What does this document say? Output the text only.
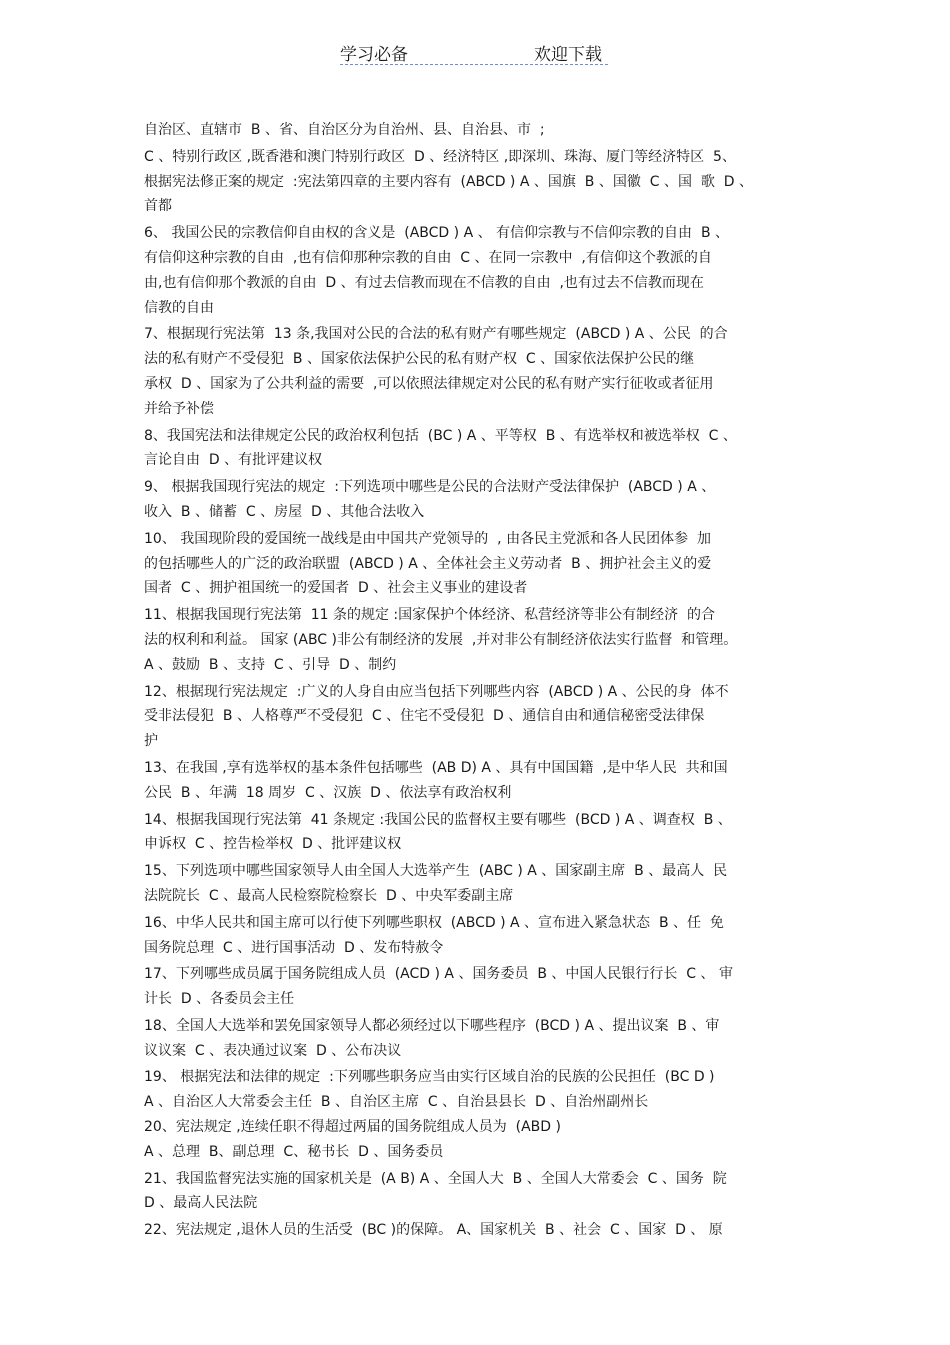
学习必备	欢迎下载
自治区、直辖市  B 、省、自治区分为自治州、县、自治县、市  ;
C 、特别行政区 ,既香港和澳门特别行政区  D 、经济特区 ,即深圳、珠海、厦门等经济特区  5、
根据宪法修正案的规定  :宪法第四章的主要内容有  (ABCD ) A 、国旗  B 、国徽  C 、国  歌  D 、
首都
6、 我国公民的宗教信仰自由权的含义是  (ABCD ) A 、 有信仰宗教与不信仰宗教的自由  B 、
有信仰这种宗教的自由  ,也有信仰那种宗教的自由  C 、在同一宗教中  ,有信仰这个教派的自
由,也有信仰那个教派的自由  D 、有过去信教而现在不信教的自由  ,也有过去不信教而现在
信教的自由
7、根据现行宪法第  13 条,我国对公民的合法的私有财产有哪些规定  (ABCD ) A 、公民  的合
法的私有财产不受侵犯  B 、国家依法保护公民的私有财产权  C 、国家依法保护公民的继
承权  D 、国家为了公共利益的需要  ,可以依照法律规定对公民的私有财产实行征收或者征用
并给予补偿
8、我国宪法和法律规定公民的政治权利包括  (BC ) A 、平等权  B 、有选举权和被选举权  C 、
言论自由  D 、有批评建议权
9、 根据我国现行宪法的规定  :下列选项中哪些是公民的合法财产受法律保护  (ABCD ) A 、
收入  B 、储蓄  C 、房屋  D 、其他合法收入
10、 我国现阶段的爱国统一战线是由中国共产党领导的  , 由各民主党派和各人民团体参  加
的包括哪些人的广泛的政治联盟  (ABCD ) A 、全体社会主义劳动者  B 、拥护社会主义的爱
国者  C 、拥护祖国统一的爱国者  D 、社会主义事业的建设者
11、根据我国现行宪法第  11 条的规定 :国家保护个体经济、私营经济等非公有制经济  的合
法的权利和利益。 国家 (ABC )非公有制经济的发展  ,并对非公有制经济依法实行监督  和管理。
A 、鼓励  B 、支持  C 、引导  D 、制约
12、根据现行宪法规定  :广义的人身自由应当包括下列哪些内容  (ABCD ) A 、公民的身  体不
受非法侵犯  B 、人格尊严不受侵犯  C 、住宅不受侵犯  D 、通信自由和通信秘密受法律保
护
13、在我国 ,享有选举权的基本条件包括哪些  (AB D) A 、具有中国国籍  ,是中华人民  共和国
公民  B 、年满  18 周岁  C 、汉族  D 、依法享有政治权利
14、根据我国现行宪法第  41 条规定 :我国公民的监督权主要有哪些  (BCD ) A 、调查权  B 、
申诉权  C 、控告检举权  D 、批评建议权
15、下列选项中哪些国家领导人由全国人大选举产生  (ABC ) A 、国家副主席  B 、最高人  民
法院院长  C 、最高人民检察院检察长  D 、中央军委副主席
16、中华人民共和国主席可以行使下列哪些职权  (ABCD ) A 、宣布进入紧急状态  B 、任  免
国务院总理  C 、进行国事活动  D 、发布特赦令
17、下列哪些成员属于国务院组成人员  (ACD ) A 、国务委员  B 、中国人民银行行长  C 、 审
计长  D 、各委员会主任
18、全国人大选举和罢免国家领导人都必须经过以下哪些程序  (BCD ) A 、提出议案  B 、审
议议案  C 、表决通过议案  D 、公布决议
19、 根据宪法和法律的规定  :下列哪些职务应当由实行区域自治的民族的公民担任  (BC D )
A 、自治区人大常委会主任  B 、自治区主席  C 、自治县县长  D 、自治州副州长
20、宪法规定 ,连续任职不得超过两届的国务院组成人员为  (ABD )
A 、总理  B、副总理  C、秘书长  D 、国务委员
21、我国监督宪法实施的国家机关是  (A B) A 、全国人大  B 、全国人大常委会  C 、国务  院
D 、最高人民法院
22、宪法规定 ,退休人员的生活受  (BC )的保障。 A、国家机关  B 、社会  C 、国家  D 、 原
